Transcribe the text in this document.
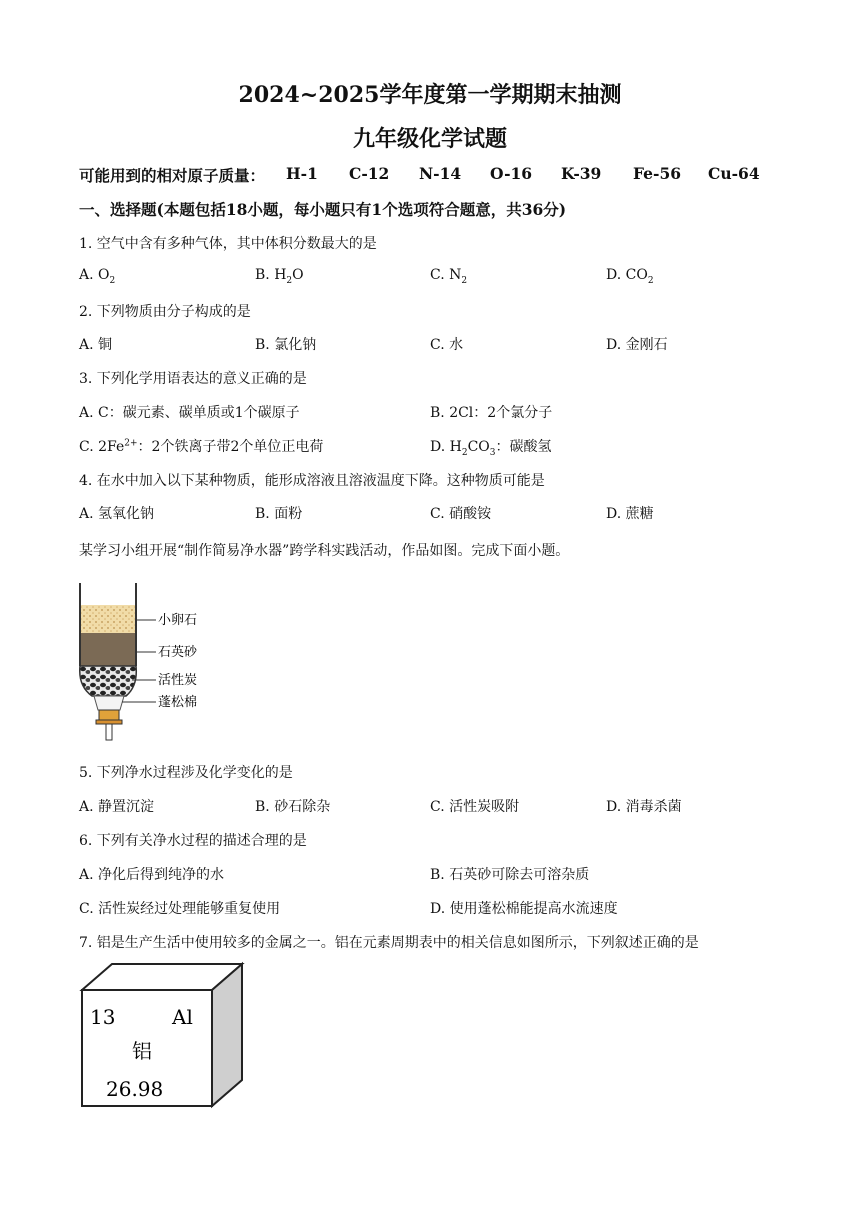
2024~2025学年度第一学期期末抽测
九年级化学试题
可能用到的相对原子质量： H-1 C-12 N-14 O-16 K-39 Fe-56 Cu-64
一、选择题(本题包括18小题，每小题只有1个选项符合题意，共36分)
1. 空气中含有多种气体，其中体积分数最大的是
A. $O_2$	B. $H_2O$	C. $N_2$	D. $CO_2$
2. 下列物质由分子构成的是
A. 铜	B. 氯化钠	C. 水	D. 金刚石
3. 下列化学用语表达的意义正确的是
A. C：碳元素、碳单质或1个碳原子	B. 2Cl：2个氯分子
C. $2Fe^{2+}$：2个铁离子带2个单位正电荷	D. $H_2CO_3$：碳酸氢
4. 在水中加入以下某种物质，能形成溶液且溶液温度下降。这种物质可能是
A. 氢氧化钠	B. 面粉	C. 硝酸铵	D. 蔗糖
某学习小组开展“制作简易净水器”跨学科实践活动，作品如图。完成下面小题。
小卵石
石英砂
活性炭
蓬松棉
5. 下列净水过程涉及化学变化的是
A. 静置沉淀	B. 砂石除杂	C. 活性炭吸附	D. 消毒杀菌
6. 下列有关净水过程的描述合理的是
A. 净化后得到纯净的水	B. 石英砂可除去可溶杂质
C. 活性炭经过处理能够重复使用	D. 使用蓬松棉能提高水流速度
7. 铝是生产生活中使用较多的金属之一。铝在元素周期表中的相关信息如图所示，下列叙述正确的是
13	Al
铝
26.98
